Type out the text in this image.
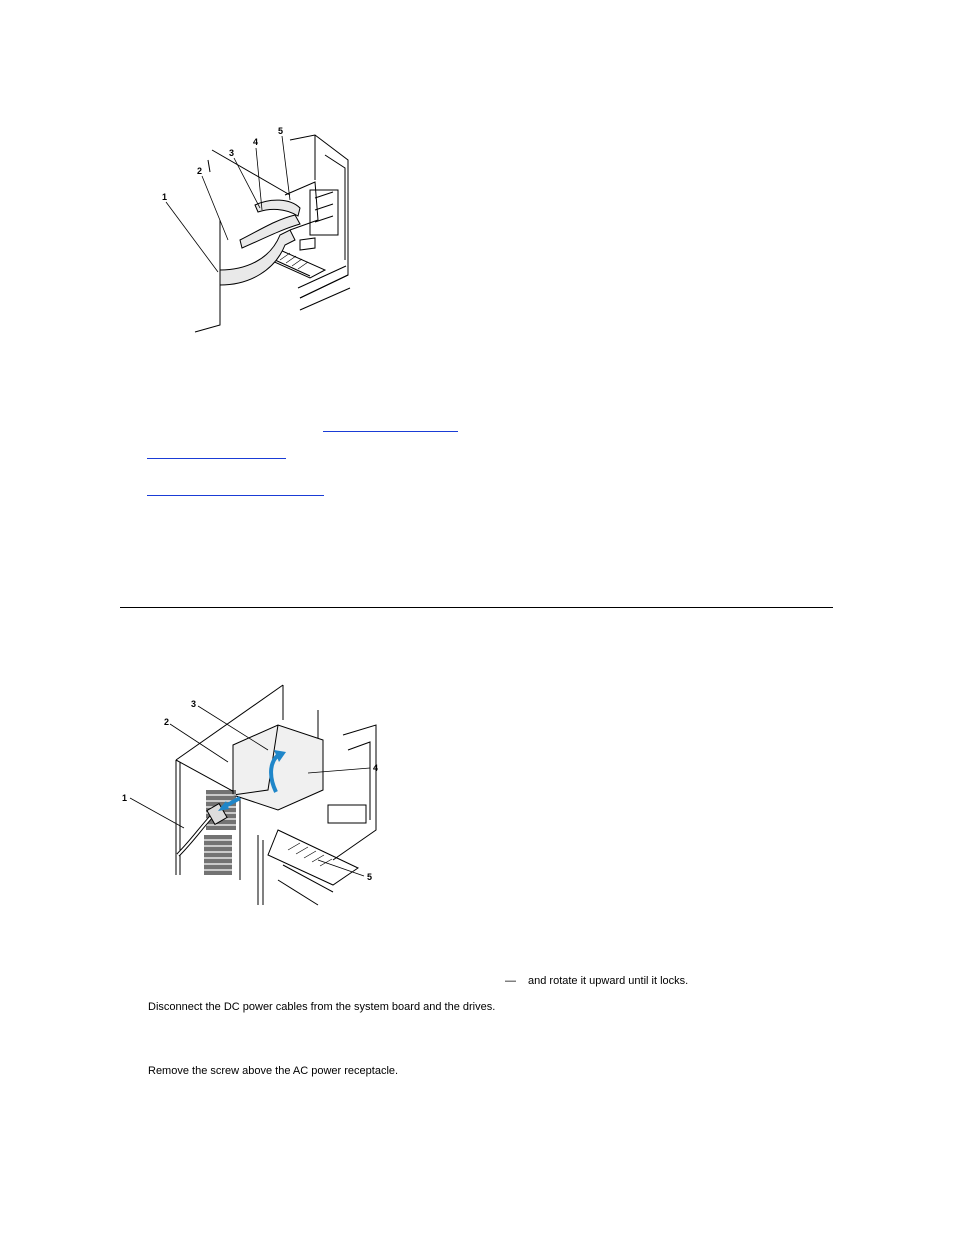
1
2
3
4
5
1
2
3
4
5
— and rotate it upward until it locks.
Disconnect the DC power cables from the system board and the drives.
Remove the screw above the AC power receptacle.
